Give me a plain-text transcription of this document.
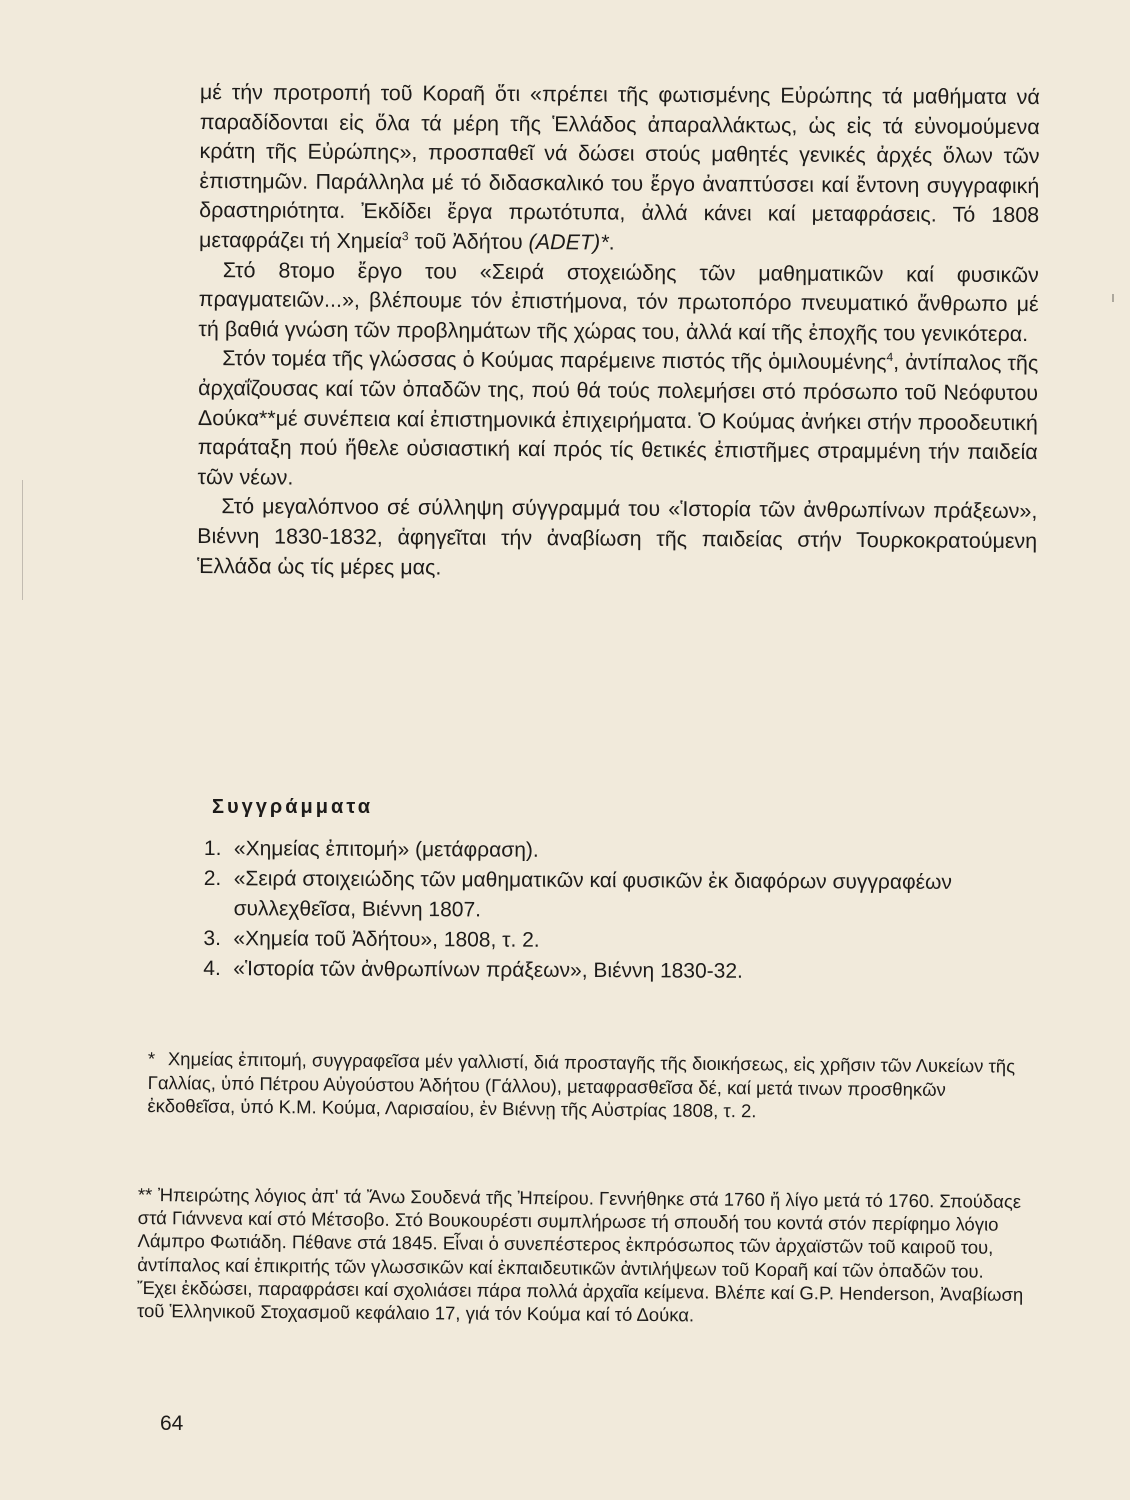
μέ τήν προτροπή τοῦ Κοραῆ ὅτι «πρέπει τῆς φωτισμένης Εὐρώπης τά μαθήματα νά παραδίδονται εἰς ὅλα τά μέρη τῆς Ἑλλάδος ἀπαραλλάκτως, ὡς εἰς τά εὐνομούμενα κράτη τῆς Εὐρώπης», προσπαθεῖ νά δώσει στούς μαθητές γενικές ἀρχές ὅλων τῶν ἐπιστημῶν. Παράλληλα μέ τό διδασκαλικό του ἔργο ἀναπτύσσει καί ἔντονη συγγραφική δραστηριότητα. Ἐκδίδει ἔργα πρωτότυπα, ἀλλά κάνει καί μεταφράσεις. Τό 1808 μεταφράζει τή Χημεία$^3$ τοῦ Ἀδήτου (ADET)*.

Στό 8τομο ἔργο του «Σειρά στοχειώδης τῶν μαθηματικῶν καί φυσικῶν πραγματειῶν...», βλέπουμε τόν ἐπιστήμονα, τόν πρωτοπόρο πνευματικό ἄνθρωπο μέ τή βαθιά γνώση τῶν προβλημάτων τῆς χώρας του, ἀλλά καί τῆς ἐποχῆς του γενικότερα.

Στόν τομέα τῆς γλώσσας ὁ Κούμας παρέμεινε πιστός τῆς ὁμιλουμένης$^4$, ἀντίπαλος τῆς ἀρχαΐζουσας καί τῶν ὀπαδῶν της, πού θά τούς πολεμήσει στό πρόσωπο τοῦ Νεόφυτου Δούκα**μέ συνέπεια καί ἐπιστημονικά ἐπιχειρήματα. Ὁ Κούμας ἀνήκει στήν προοδευτική παράταξη πού ἤθελε οὐσιαστική καί πρός τίς θετικές ἐπιστῆμες στραμμένη τήν παιδεία τῶν νέων.

Στό μεγαλόπνοο σέ σύλληψη σύγγραμμά του «Ἱστορία τῶν ἀνθρωπίνων πράξεων», Βιέννη 1830-1832, ἀφηγεῖται τήν ἀναβίωση τῆς παιδείας στήν Τουρκοκρατούμενη Ἑλλάδα ὡς τίς μέρες μας.

Συγγράμματα
1. «Χημείας ἐπιτομή» (μετάφραση).
2. «Σειρά στοιχειώδης τῶν μαθηματικῶν καί φυσικῶν ἐκ διαφόρων συγγραφέων συλλεχθεῖσα, Βιέννη 1807.
3. «Χημεία τοῦ Ἀδήτου», 1808, τ. 2.
4. «Ἱστορία τῶν ἀνθρωπίνων πράξεων», Βιέννη 1830-32.

* Χημείας ἐπιτομή, συγγραφεῖσα μέν γαλλιστί, διά προσταγῆς τῆς διοικήσεως, εἰς χρῆσιν τῶν Λυκείων τῆς Γαλλίας, ὑπό Πέτρου Αὐγούστου Ἀδήτου (Γάλλου), μεταφρασθεῖσα δέ, καί μετά τινων προσθηκῶν ἐκδοθεῖσα, ὑπό Κ.Μ. Κούμα, Λαρισαίου, ἐν Βιέννῃ τῆς Αὐστρίας 1808, τ. 2.

** Ἠπειρώτης λόγιος ἀπ' τά Ἄνω Σουδενά τῆς Ἠπείρου. Γεννήθηκε στά 1760 ἤ λίγο μετά τό 1760. Σπούδαςε στά Γιάννενα καί στό Μέτσοβο. Στό Βουκουρέστι συμπλήρωσε τή σπουδή του κοντά στόν περίφημο λόγιο Λάμπρο Φωτιάδη. Πέθανε στά 1845. Εἶναι ὁ συνεπέστερος ἐκπρόσωπος τῶν ἀρχαϊστῶν τοῦ καιροῦ του, ἀντίπαλος καί ἐπικριτής τῶν γλωσσικῶν καί ἐκπαιδευτικῶν ἀντιλήψεων τοῦ Κοραῆ καί τῶν ὀπαδῶν του. Ἔχει ἐκδώσει, παραφράσει καί σχολιάσει πάρα πολλά ἀρχαῖα κείμενα. Βλέπε καί G.P. Henderson, Ἀναβίωση τοῦ Ἑλληνικοῦ Στοχασμοῦ κεφάλαιο 17, γιά τόν Κούμα καί τό Δούκα.

64
